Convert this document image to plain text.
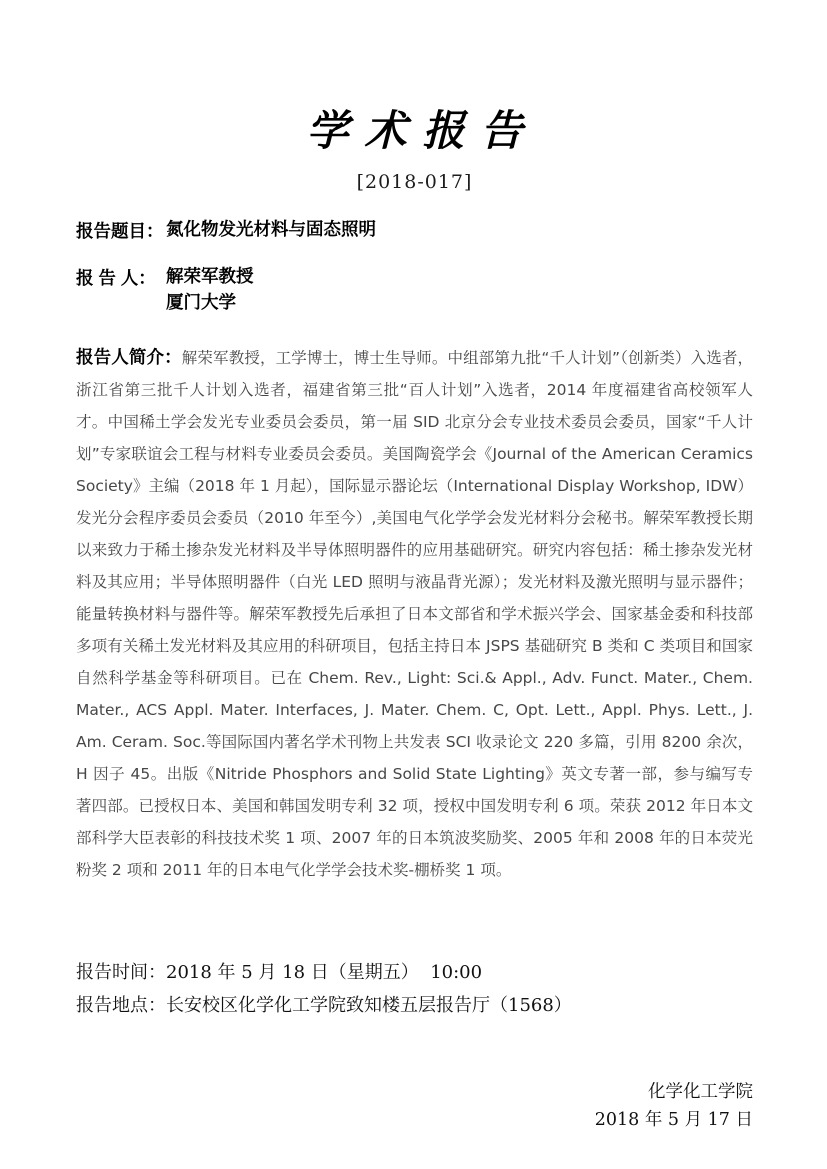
学术报告
[2018-017]
报告题目： 氮化物发光材料与固态照明
报 告 人： 解荣军教授
厦门大学

报告人简介：解荣军教授，工学博士，博士生导师。中组部第九批“千人计划”（创新类）入选者，浙江省第三批千人计划入选者，福建省第三批“百人计划”入选者，2014 年度福建省高校领军人才。中国稀土学会发光专业委员会委员，第一届 SID 北京分会专业技术委员会委员，国家“千人计划”专家联谊会工程与材料专业委员会委员。美国陶瓷学会《Journal of the American Ceramics Society》主编（2018 年 1 月起），国际显示器论坛（International Display Workshop, IDW）发光分会程序委员会委员（2010 年至今）,美国电气化学学会发光材料分会秘书。解荣军教授长期以来致力于稀土掺杂发光材料及半导体照明器件的应用基础研究。研究内容包括：稀土掺杂发光材料及其应用；半导体照明器件（白光 LED 照明与液晶背光源）；发光材料及激光照明与显示器件；能量转换材料与器件等。解荣军教授先后承担了日本文部省和学术振兴学会、国家基金委和科技部多项有关稀土发光材料及其应用的科研项目，包括主持日本 JSPS 基础研究 B 类和 C 类项目和国家自然科学基金等科研项目。已在 Chem. Rev., Light: Sci.& Appl., Adv. Funct. Mater., Chem. Mater., ACS Appl. Mater. Interfaces, J. Mater. Chem. C, Opt. Lett., Appl. Phys. Lett., J. Am. Ceram. Soc.等国际国内著名学术刊物上共发表 SCI 收录论文 220 多篇，引用 8200 余次，H 因子 45。出版《Nitride Phosphors and Solid State Lighting》英文专著一部，参与编写专著四部。已授权日本、美国和韩国发明专利 32 项，授权中国发明专利 6 项。荣获 2012 年日本文部科学大臣表彰的科技技术奖 1 项、2007 年的日本筑波奖励奖、2005 年和 2008 年的日本荧光粉奖 2 项和 2011 年的日本电气化学学会技术奖-棚桥奖 1 项。

报告时间：2018 年 5 月 18 日（星期五）  10:00
报告地点：长安校区化学化工学院致知楼五层报告厅（1568）
化学化工学院
2018 年 5 月 17 日
